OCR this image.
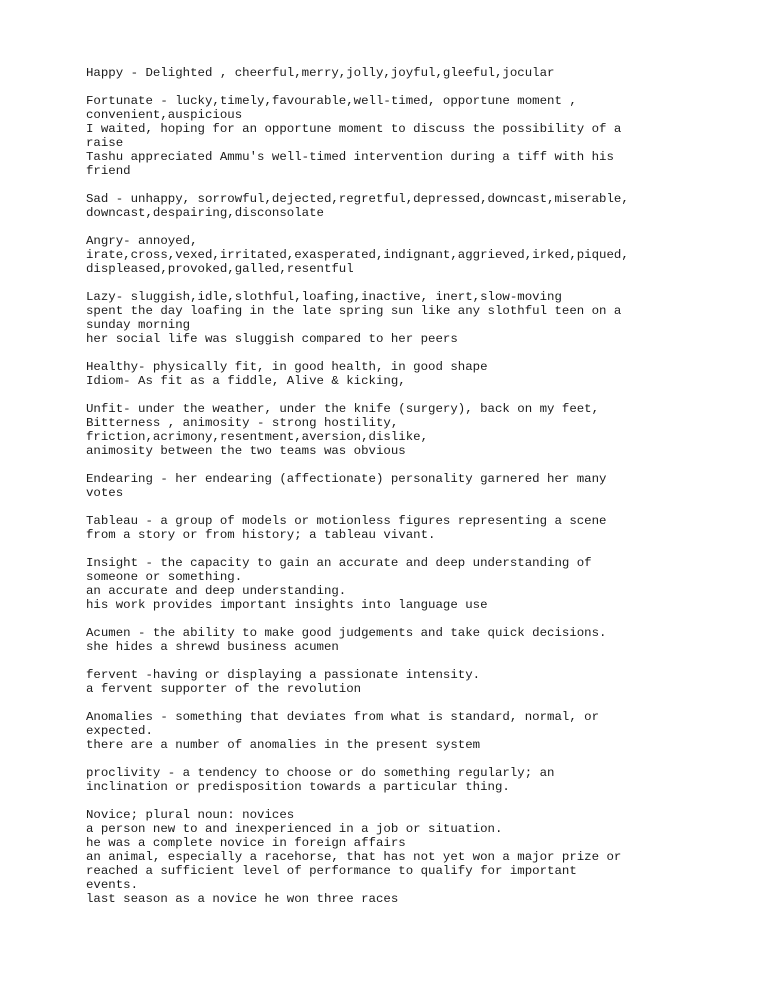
Happy - Delighted , cheerful,merry,jolly,joyful,gleeful,jocular
Fortunate - lucky,timely,favourable,well-timed, opportune moment ,
convenient,auspicious
I waited, hoping for an opportune moment to discuss the possibility of a
raise
Tashu appreciated Ammu's well-timed intervention during a tiff with his
friend
Sad - unhappy, sorrowful,dejected,regretful,depressed,downcast,miserable,
downcast,despairing,disconsolate
Angry- annoyed,
irate,cross,vexed,irritated,exasperated,indignant,aggrieved,irked,piqued,
displeased,provoked,galled,resentful
Lazy- sluggish,idle,slothful,loafing,inactive, inert,slow-moving
spent the day loafing in the late spring sun like any slothful teen on a
sunday morning
her social life was sluggish compared to her peers
Healthy- physically fit, in good health, in good shape
Idiom- As fit as a fiddle, Alive & kicking,
Unfit- under the weather, under the knife (surgery), back on my feet,
Bitterness , animosity - strong hostility,
friction,acrimony,resentment,aversion,dislike,
animosity between the two teams was obvious
Endearing - her endearing (affectionate) personality garnered her many
votes
Tableau - a group of models or motionless figures representing a scene
from a story or from history; a tableau vivant.
Insight - the capacity to gain an accurate and deep understanding of
someone or something.
an accurate and deep understanding.
his work provides important insights into language use
Acumen - the ability to make good judgements and take quick decisions.
she hides a shrewd business acumen
fervent -having or displaying a passionate intensity.
a fervent supporter of the revolution
Anomalies - something that deviates from what is standard, normal, or
expected.
there are a number of anomalies in the present system
proclivity - a tendency to choose or do something regularly; an
inclination or predisposition towards a particular thing.
Novice; plural noun: novices
a person new to and inexperienced in a job or situation.
he was a complete novice in foreign affairs
an animal, especially a racehorse, that has not yet won a major prize or
reached a sufficient level of performance to qualify for important
events.
last season as a novice he won three races
